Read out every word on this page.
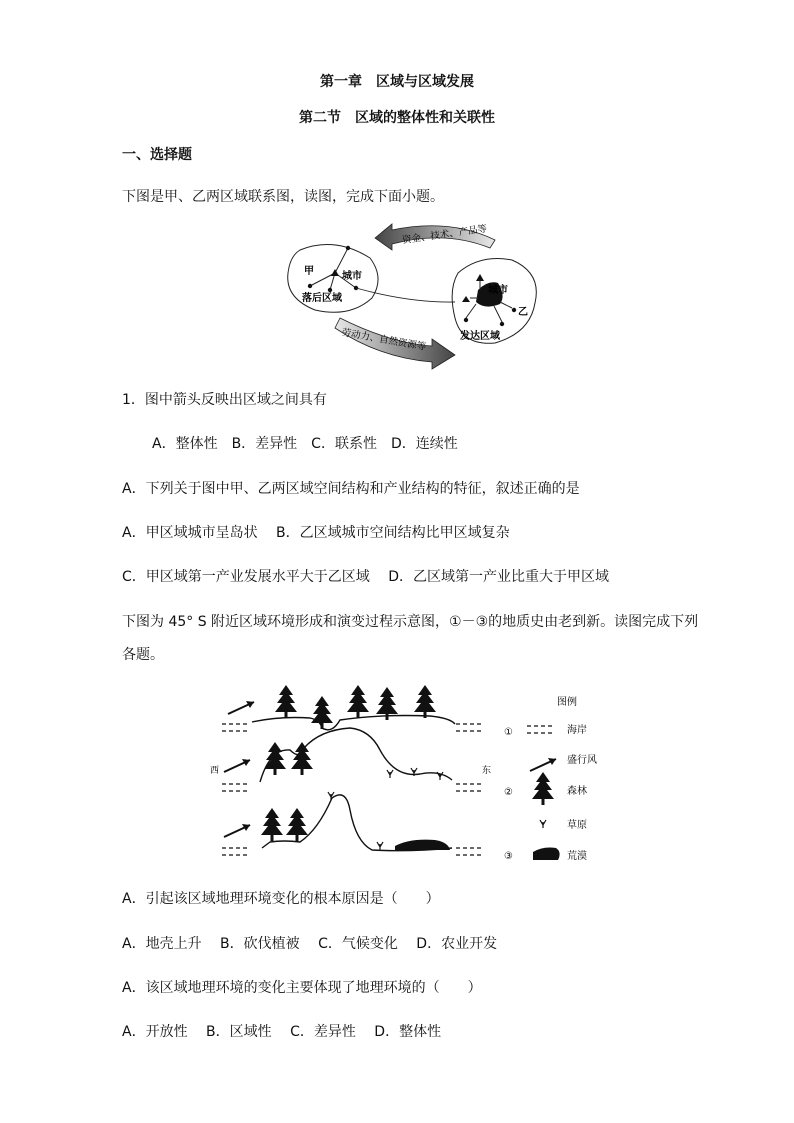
第一章　区域与区域发展
第二节　区域的整体性和关联性
一、选择题
下图是甲、乙两区域联系图，读图，完成下面小题。
资金、技术、产品等
劳动力、自然资源等
甲	城市
落后区域
城市
乙
发达区域
1．图中箭头反映出区域之间具有
A．整体性　B．差异性　C．联系性　D．连续性
A．下列关于图中甲、乙两区域空间结构和产业结构的特征，叙述正确的是
A．甲区域城市呈岛状　 B．乙区域城市空间结构比甲区域复杂
C．甲区域第一产业发展水平大于乙区域　 D．乙区域第一产业比重大于甲区域
下图为 45° S 附近区域环境形成和演变过程示意图，①－③的地质史由老到新。读图完成下列
各题。
①
西	东
②
③
图例
海岸
盛行风
森林
草原
荒漠
A．引起该区域地理环境变化的根本原因是（　　）
A．地壳上升　 B．砍伐植被　 C．气候变化　 D．农业开发
A．该区域地理环境的变化主要体现了地理环境的（　　）
A．开放性　 B．区域性　 C．差异性　 D．整体性
